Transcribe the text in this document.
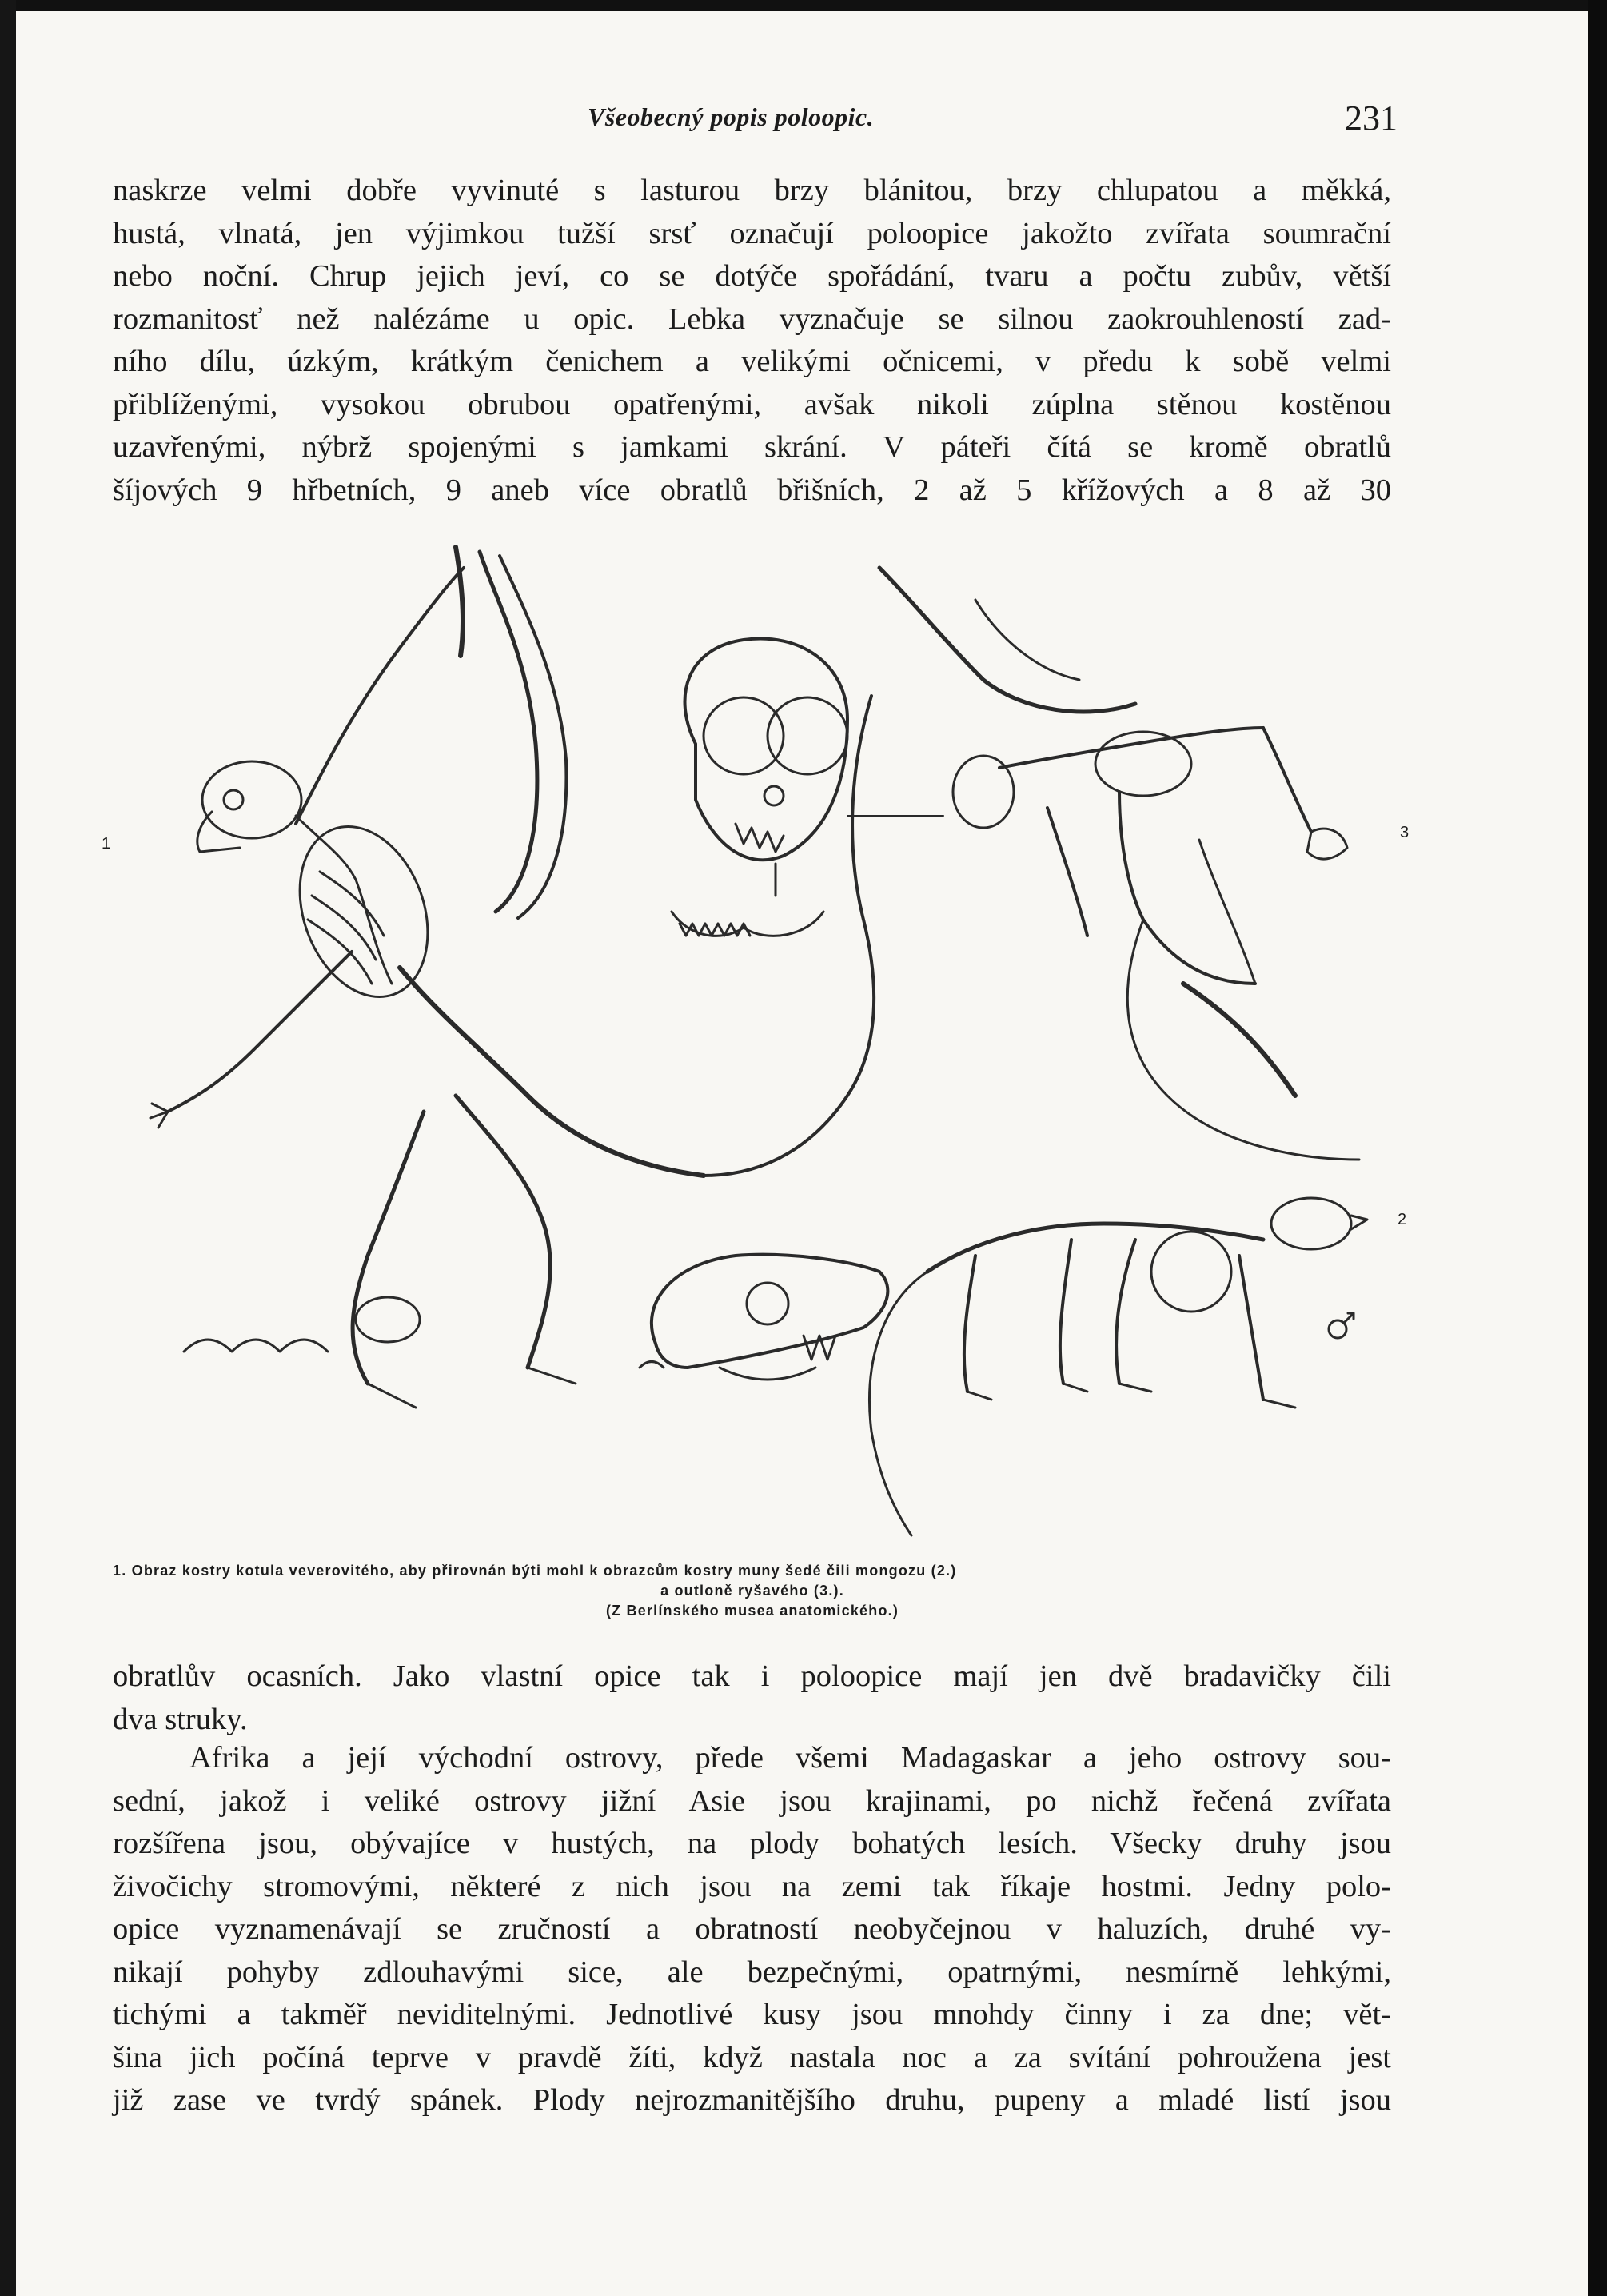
Všeobecný popis poloopic.	231
naskrze velmi dobře vyvinuté s lasturou brzy blánitou, brzy chlupatou a měkká,
hustá, vlnatá, jen výjimkou tužší srsť označují poloopice jakožto zvířata soumrační
nebo noční. Chrup jejich jeví, co se dotýče spořádání, tvaru a počtu zubův, větší
rozmanitosť než nalézáme u opic. Lebka vyznačuje se silnou zaokrouhleností zad-
ního dílu, úzkým, krátkým čenichem a velikými očnicemi, v předu k sobě velmi
přiblíženými, vysokou obrubou opatřenými, avšak nikoli zúplna stěnou kostěnou
uzavřenými, nýbrž spojenými s jamkami skrání. V páteři čítá se kromě obratlů
šíjových 9 hřbetních, 9 aneb více obratlů břišních, 2 až 5 křížových a 8 až 30
1
2
3
1. Obraz kostry kotula veverovitého, aby přirovnán býti mohl k obrazcům kostry muny šedé čili mongozu (2.)
a outloně ryšavého (3.).
(Z Berlínského musea anatomického.)
obratlův ocasních. Jako vlastní opice tak i poloopice mají jen dvě bradavičky čili
dva struky.
Afrika a její východní ostrovy, přede všemi Madagaskar a jeho ostrovy sou-
sední, jakož i veliké ostrovy jižní Asie jsou krajinami, po nichž řečená zvířata
rozšířena jsou, obývajíce v hustých, na plody bohatých lesích. Všecky druhy jsou
živočichy stromovými, některé z nich jsou na zemi tak říkaje hostmi. Jedny polo-
opice vyznamenávají se zručností a obratností neobyčejnou v haluzích, druhé vy-
nikají pohyby zdlouhavými sice, ale bezpečnými, opatrnými, nesmírně lehkými,
tichými a takměř neviditelnými. Jednotlivé kusy jsou mnohdy činny i za dne; vět-
šina jich počíná teprve v pravdě žíti, když nastala noc a za svítání pohroužena jest
již zase ve tvrdý spánek. Plody nejrozmanitějšího druhu, pupeny a mladé listí jsou
